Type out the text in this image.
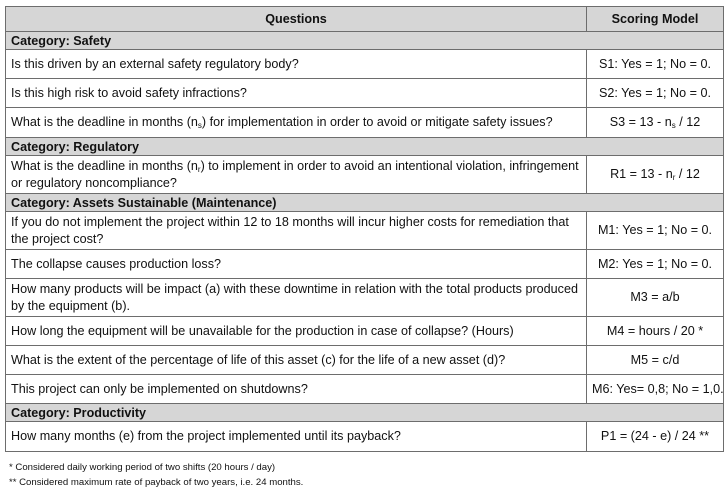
Questions	Scoring Model
Category: Safety	
Is this driven by an external safety regulatory body?	S1: Yes = 1; No = 0.
Is this high risk to avoid safety infractions?	S2: Yes = 1; No = 0.
What is the deadline in months $(n_s)$ for implementation in order to avoid or mitigate safety issues?	$S3 = 13 - n_s / 12$
Category: Regulatory	
What is the deadline in months $(n_r)$ to implement in order to avoid an intentional violation, infringement or regulatory noncompliance?	$R1 = 13 - n_r / 12$
Category: Assets Sustainable (Maintenance)	
If you do not implement the project within 12 to 18 months will incur higher costs for remediation that the project cost?	M1: Yes = 1; No = 0.
The collapse causes production loss?	M2: Yes = 1; No = 0.
How many products will be impact (a) with these downtime in relation with the total products produced by the equipment (b).	M3 = a/b
How long the equipment will be unavailable for the production in case of collapse? (Hours)	M4 = hours / 20 *
What is the extent of the percentage of life of this asset (c) for the life of a new asset (d)?	M5 = c/d
This project can only be implemented on shutdowns?	M6: Yes= 0,8; No = 1,0.
Category: Productivity	
How many months (e) from the project implemented until its payback?	P1 = (24 - e) / 24 **
* Considered daily working period of two shifts (20 hours / day)
** Considered maximum rate of payback of two years, i.e. 24 months.
